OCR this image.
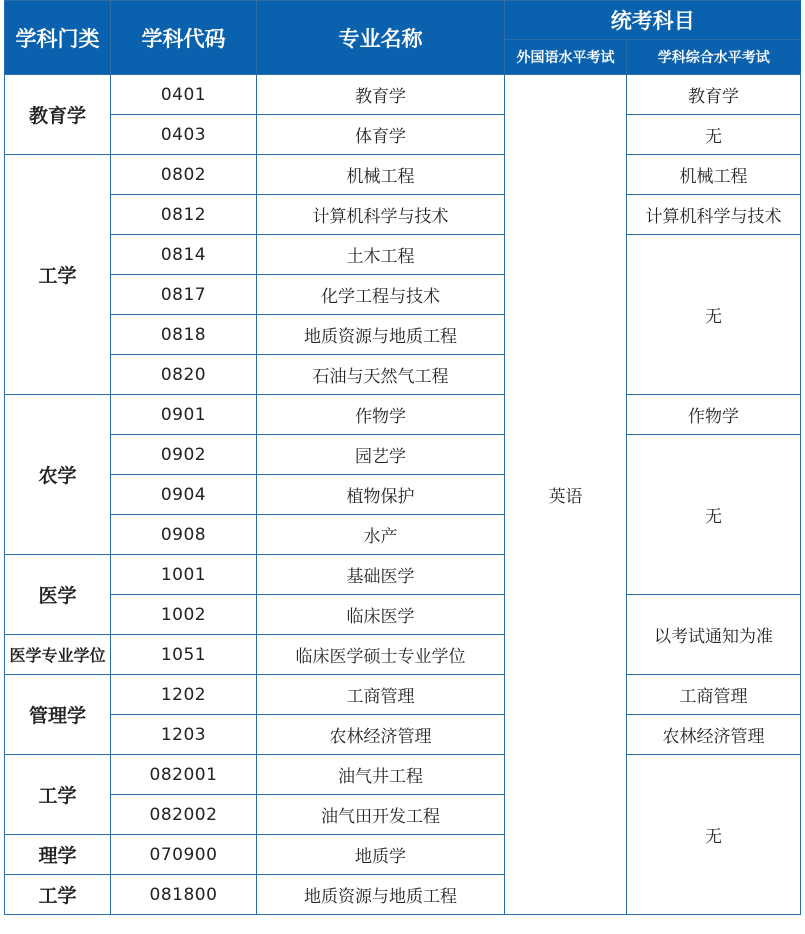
学科门类	学科代码	专业名称	统考科目	
			外国语水平考试	学科综合水平考试
教育学	0401	教育学	英语	教育学
	0403	体育学		无
工学	0802	机械工程		机械工程
	0812	计算机科学与技术		计算机科学与技术
	0814	土木工程		无
	0817	化学工程与技术		
	0818	地质资源与地质工程		
	0820	石油与天然气工程		
农学	0901	作物学		作物学
	0902	园艺学		无
	0904	植物保护		
	0908	水产		
医学	1001	基础医学		
	1002	临床医学		以考试通知为准
医学专业学位	1051	临床医学硕士专业学位		
管理学	1202	工商管理		工商管理
	1203	农林经济管理		农林经济管理
工学	082001	油气井工程		无
	082002	油气田开发工程		
理学	070900	地质学		
工学	081800	地质资源与地质工程		
